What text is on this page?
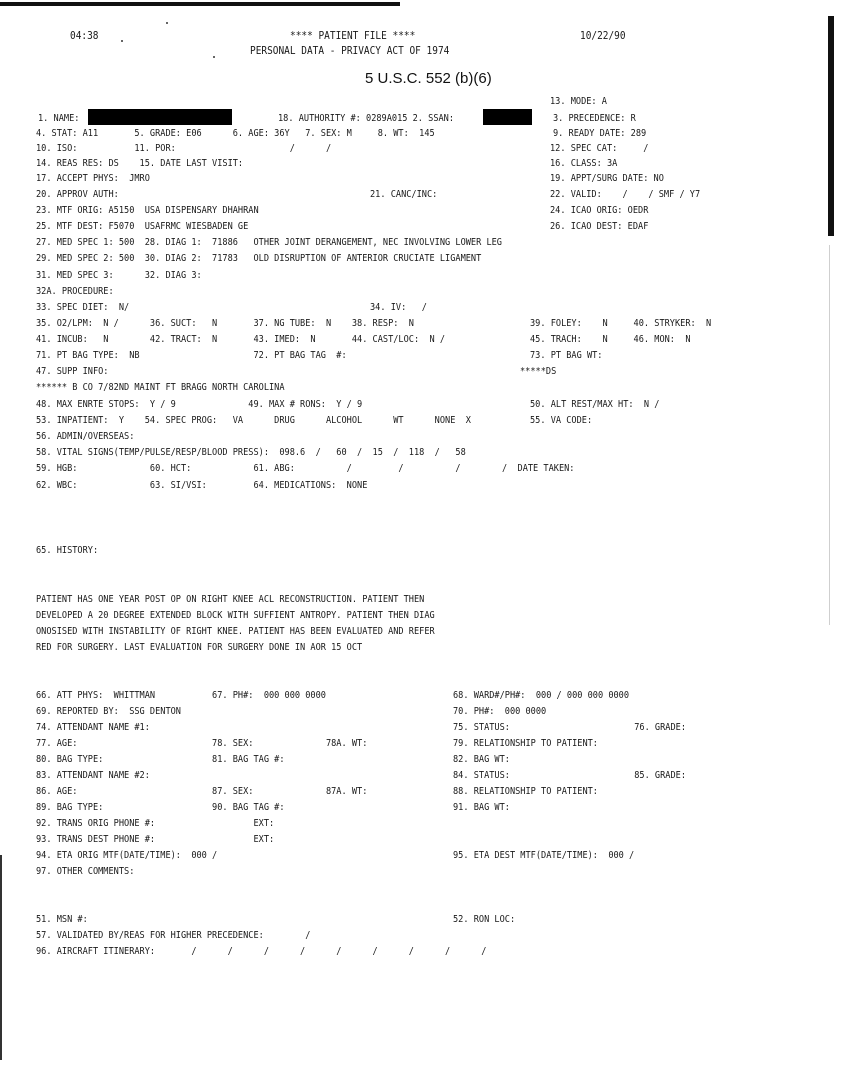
04:38	**** PATIENT FILE ****	10/22/90
PERSONAL DATA - PRIVACY ACT OF 1974
5 U.S.C. 552 (b)(6)
13. MODE: A
1. NAME:	18. AUTHORITY #: 0289A015 2. SSAN:	3. PRECEDENCE: R
4. STAT: A11       5. GRADE: E06      6. AGE: 36Y   7. SEX: M     8. WT:  145	9. READY DATE: 289
10. ISO:           11. POR:                      /      /	12. SPEC CAT:     /
14. REAS RES: DS    15. DATE LAST VISIT:	16. CLASS: 3A
17. ACCEPT PHYS:  JMRO	19. APPT/SURG DATE: NO
20. APPROV AUTH:	21. CANC/INC:	22. VALID:    /    / SMF / Y7
23. MTF ORIG: A5150  USA DISPENSARY DHAHRAN	24. ICAO ORIG: OEDR
25. MTF DEST: F5070  USAFRMC WIESBADEN GE	26. ICAO DEST: EDAF
27. MED SPEC 1: 500  28. DIAG 1:  71886   OTHER JOINT DERANGEMENT, NEC INVOLVING LOWER LEG
29. MED SPEC 2: 500  30. DIAG 2:  71783   OLD DISRUPTION OF ANTERIOR CRUCIATE LIGAMENT
31. MED SPEC 3:      32. DIAG 3:
32A. PROCEDURE:
33. SPEC DIET:  N/	34. IV:   /
35. O2/LPM:  N /      36. SUCT:   N       37. NG TUBE:  N    38. RESP:  N	39. FOLEY:    N     40. STRYKER:  N
41. INCUB:   N        42. TRACT:  N       43. IMED:  N       44. CAST/LOC:  N /	45. TRACH:    N     46. MON:  N
71. PT BAG TYPE:  NB                      72. PT BAG TAG  #:	73. PT BAG WT:
47. SUPP INFO:	*****DS
****** B CO 7/82ND MAINT FT BRAGG NORTH CAROLINA
48. MAX ENRTE STOPS:  Y / 9              49. MAX # RONS:  Y / 9	50. ALT REST/MAX HT:  N /
53. INPATIENT:  Y    54. SPEC PROG:   VA      DRUG      ALCOHOL      WT      NONE  X	55. VA CODE:
56. ADMIN/OVERSEAS:
58. VITAL SIGNS(TEMP/PULSE/RESP/BLOOD PRESS):  098.6  /   60  /  15  /  118  /   58
59. HGB:              60. HCT:            61. ABG:          /         /          /        /  DATE TAKEN:
62. WBC:              63. SI/VSI:         64. MEDICATIONS:  NONE
65. HISTORY:
PATIENT HAS ONE YEAR POST OP ON RIGHT KNEE ACL RECONSTRUCTION. PATIENT THEN
DEVELOPED A 20 DEGREE EXTENDED BLOCK WITH SUFFIENT ANTROPY. PATIENT THEN DIAG
ONOSISED WITH INSTABILITY OF RIGHT KNEE. PATIENT HAS BEEN EVALUATED AND REFER
RED FOR SURGERY. LAST EVALUATION FOR SURGERY DONE IN AOR 15 OCT
66. ATT PHYS:  WHITTMAN           67. PH#:  000 000 0000	68. WARD#/PH#:  000 / 000 000 0000
69. REPORTED BY:  SSG DENTON	70. PH#:  000 0000
74. ATTENDANT NAME #1:	75. STATUS:                        76. GRADE:
77. AGE:                          78. SEX:              78A. WT:	79. RELATIONSHIP TO PATIENT:
80. BAG TYPE:                     81. BAG TAG #:	82. BAG WT:
83. ATTENDANT NAME #2:	84. STATUS:                        85. GRADE:
86. AGE:                          87. SEX:              87A. WT:	88. RELATIONSHIP TO PATIENT:
89. BAG TYPE:                     90. BAG TAG #:	91. BAG WT:
92. TRANS ORIG PHONE #:                   EXT:
93. TRANS DEST PHONE #:                   EXT:
94. ETA ORIG MTF(DATE/TIME):  000 /	95. ETA DEST MTF(DATE/TIME):  000 /
97. OTHER COMMENTS:
51. MSN #:	52. RON LOC:
57. VALIDATED BY/REAS FOR HIGHER PRECEDENCE:        /
96. AIRCRAFT ITINERARY:       /      /      /      /      /      /      /      /      /
